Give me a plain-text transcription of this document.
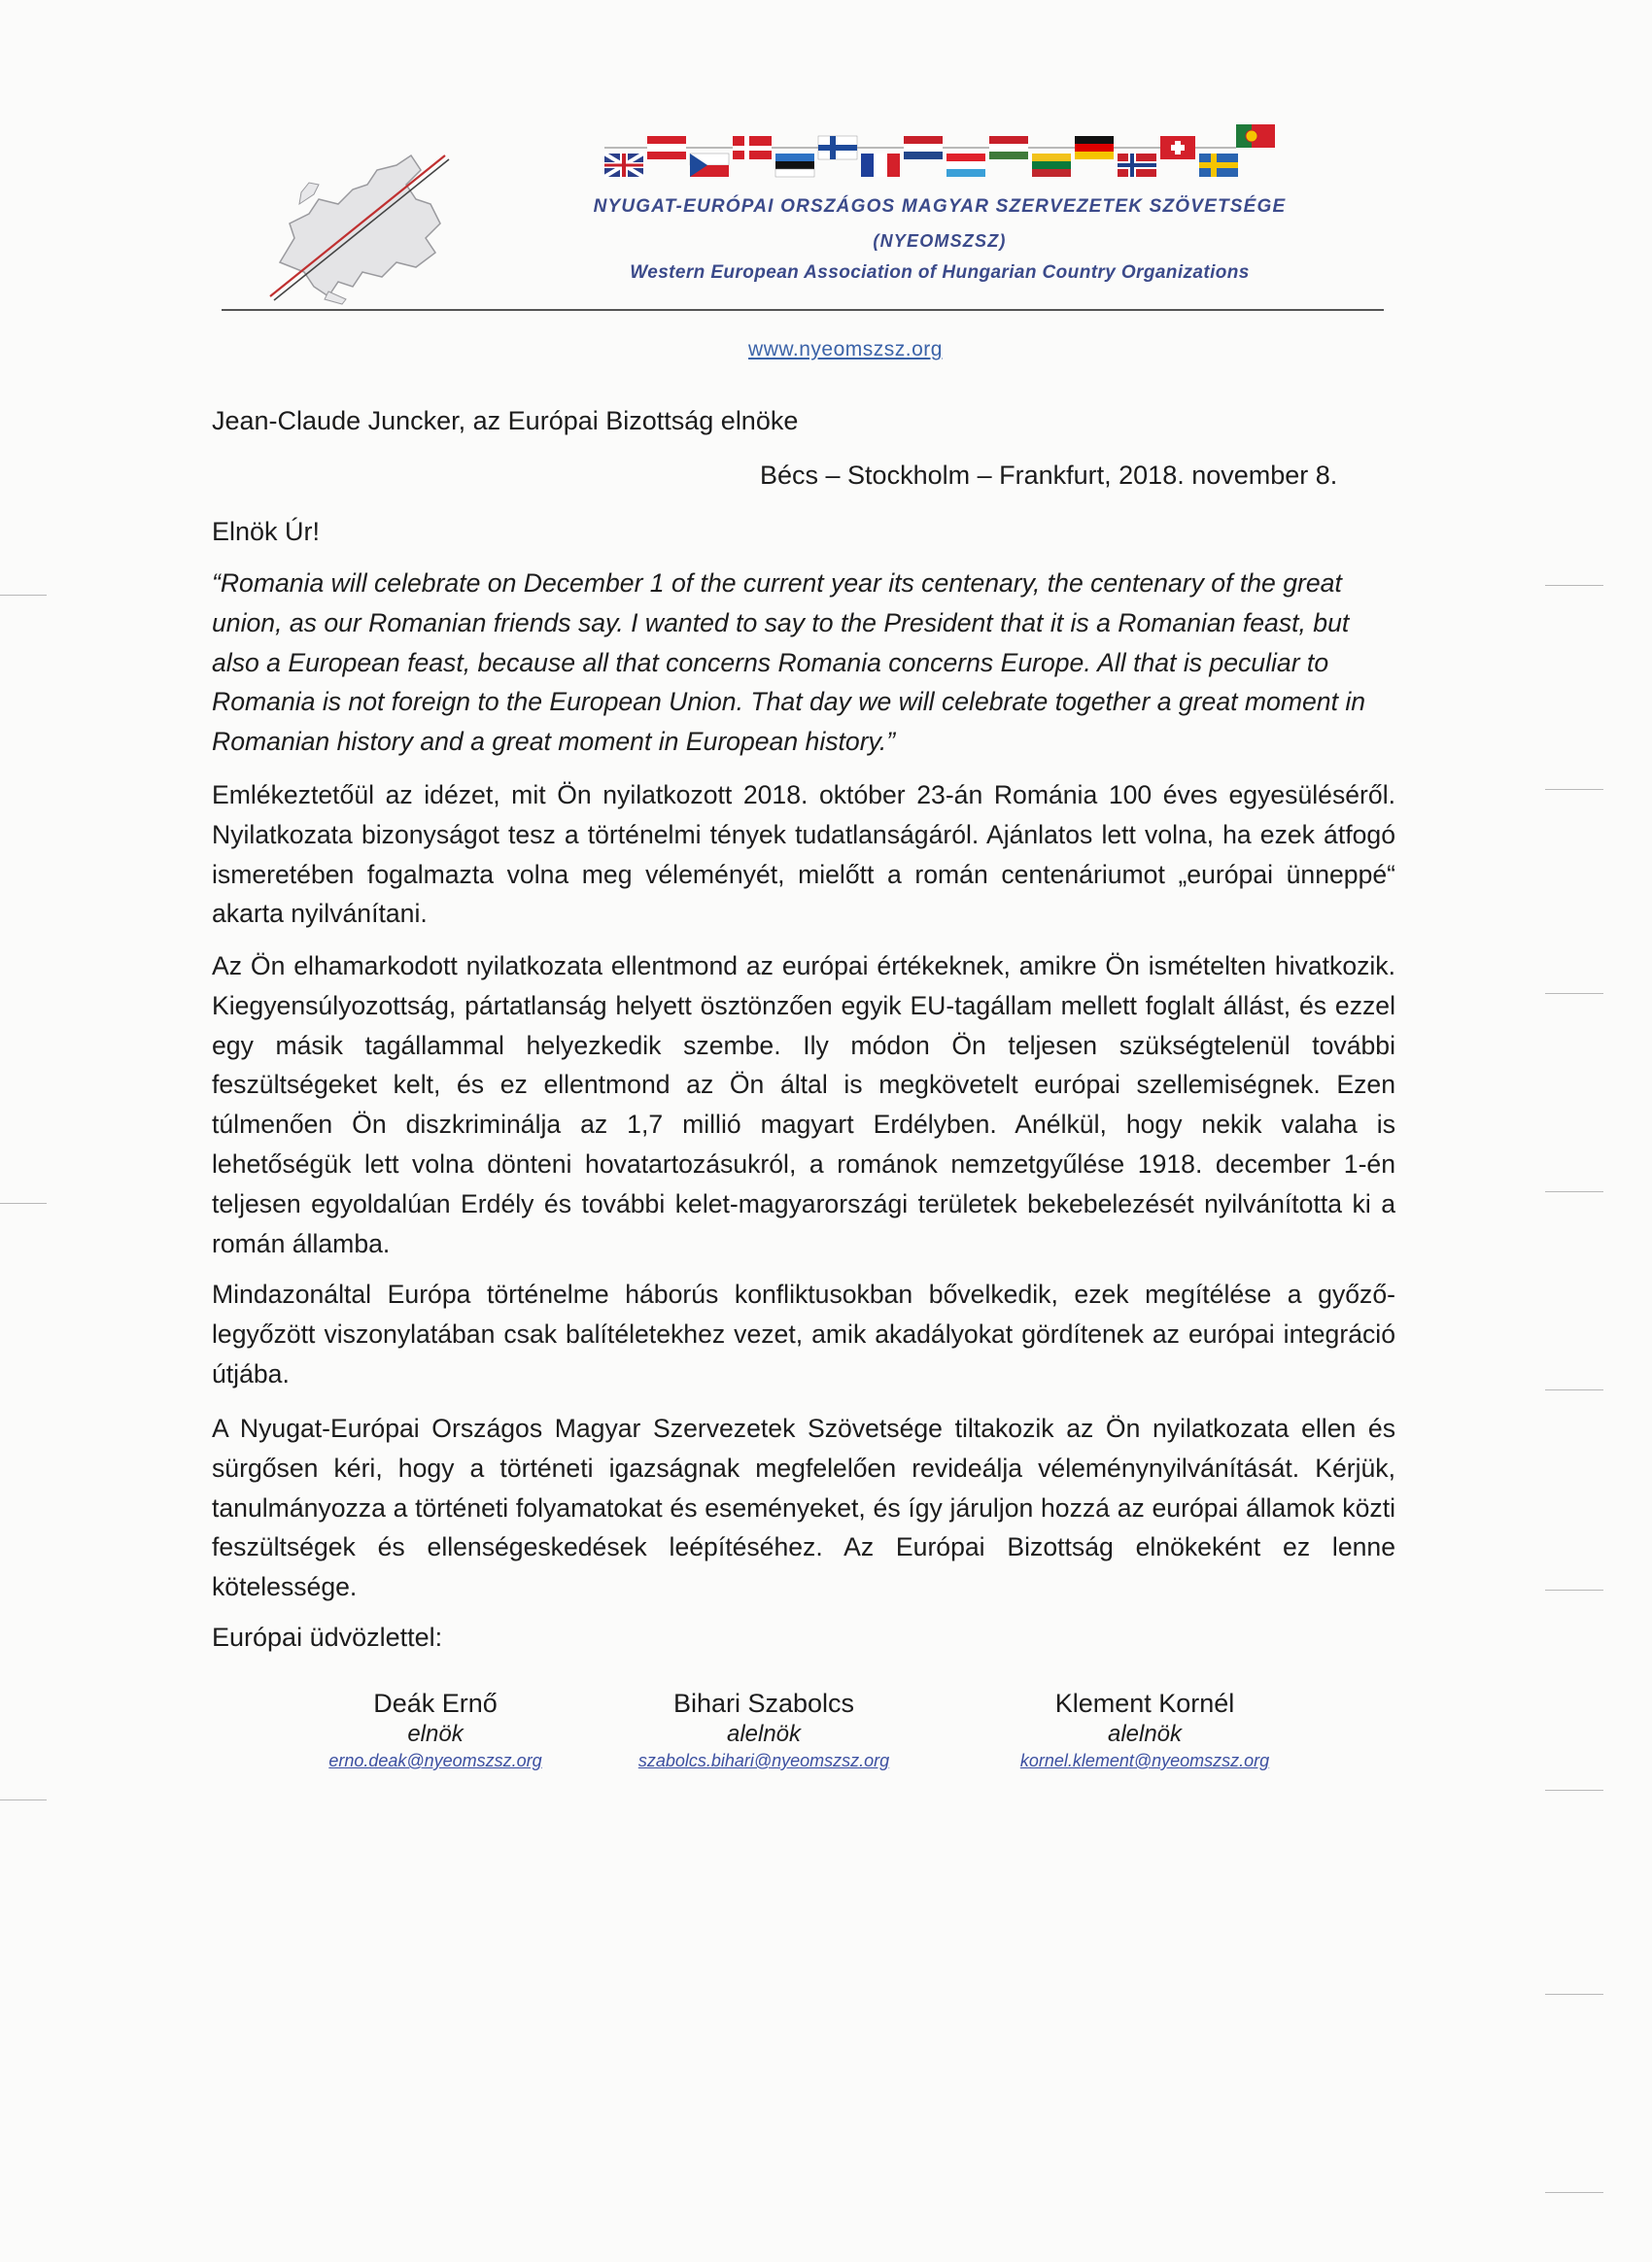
NYUGAT-EURÓPAI ORSZÁGOS MAGYAR SZERVEZETEK SZÖVETSÉGE
(NYEOMSZSZ)
Western European Association of Hungarian Country Organizations
www.nyeomszsz.org
Jean-Claude Juncker, az Európai Bizottság elnöke
Bécs – Stockholm – Frankfurt, 2018. november 8.
Elnök Úr!

“Romania will celebrate on December 1 of the current year its centenary, the centenary of the great union, as our Romanian friends say. I wanted to say to the President that it is a Romanian feast, but also a European feast, because all that concerns Romania concerns Europe. All that is peculiar to Romania is not foreign to the European Union. That day we will celebrate together a great moment in Romanian history and a great moment in European history.”

Emlékeztetőül az idézet, mit Ön nyilatkozott 2018. október 23-án Románia 100 éves egyesüléséről. Nyilatkozata bizonyságot tesz a történelmi tények tudatlanságáról. Ajánlatos lett volna, ha ezek átfogó ismeretében fogalmazta volna meg véleményét, mielőtt a román centenáriumot „európai ünneppé“ akarta nyilvánítani.

Az Ön elhamarkodott nyilatkozata ellentmond az európai értékeknek, amikre Ön ismételten hivatkozik. Kiegyensúlyozottság, pártatlanság helyett ösztönzően egyik EU-tagállam mellett foglalt állást, és ezzel egy másik tagállammal helyezkedik szembe. Ily módon Ön teljesen szükségtelenül további feszültségeket kelt, és ez ellentmond az Ön által is megkövetelt európai szellemiségnek. Ezen túlmenően Ön diszkriminálja az 1,7 millió magyart Erdélyben. Anélkül, hogy nekik valaha is lehetőségük lett volna dönteni hovatartozásukról, a románok nemzetgyűlése 1918. december 1-én teljesen egyoldalúan Erdély és további kelet-magyarországi területek bekebelezését nyilvánította ki a román államba.

Mindazonáltal Európa történelme háborús konfliktusokban bővelkedik, ezek megítélése a győző-legyőzött viszonylatában csak balítéletekhez vezet, amik akadályokat gördítenek az európai integráció útjába.

A Nyugat-Európai Országos Magyar Szervezetek Szövetsége tiltakozik az Ön nyilatkozata ellen és sürgősen kéri, hogy a történeti igazságnak megfelelően revideálja véleménynyilvánítását. Kérjük, tanulmányozza a történeti folyamatokat és eseményeket, és így járuljon hozzá az európai államok közti feszültségek és ellenségeskedések leépítéséhez. Az Európai Bizottság elnökeként ez lenne kötelessége.

Európai üdvözlettel:
Deák Ernő
elnök
erno.deak@nyeomszsz.org
Bihari Szabolcs
alelnök
szabolcs.bihari@nyeomszsz.org
Klement Kornél
alelnök
kornel.klement@nyeomszsz.org
